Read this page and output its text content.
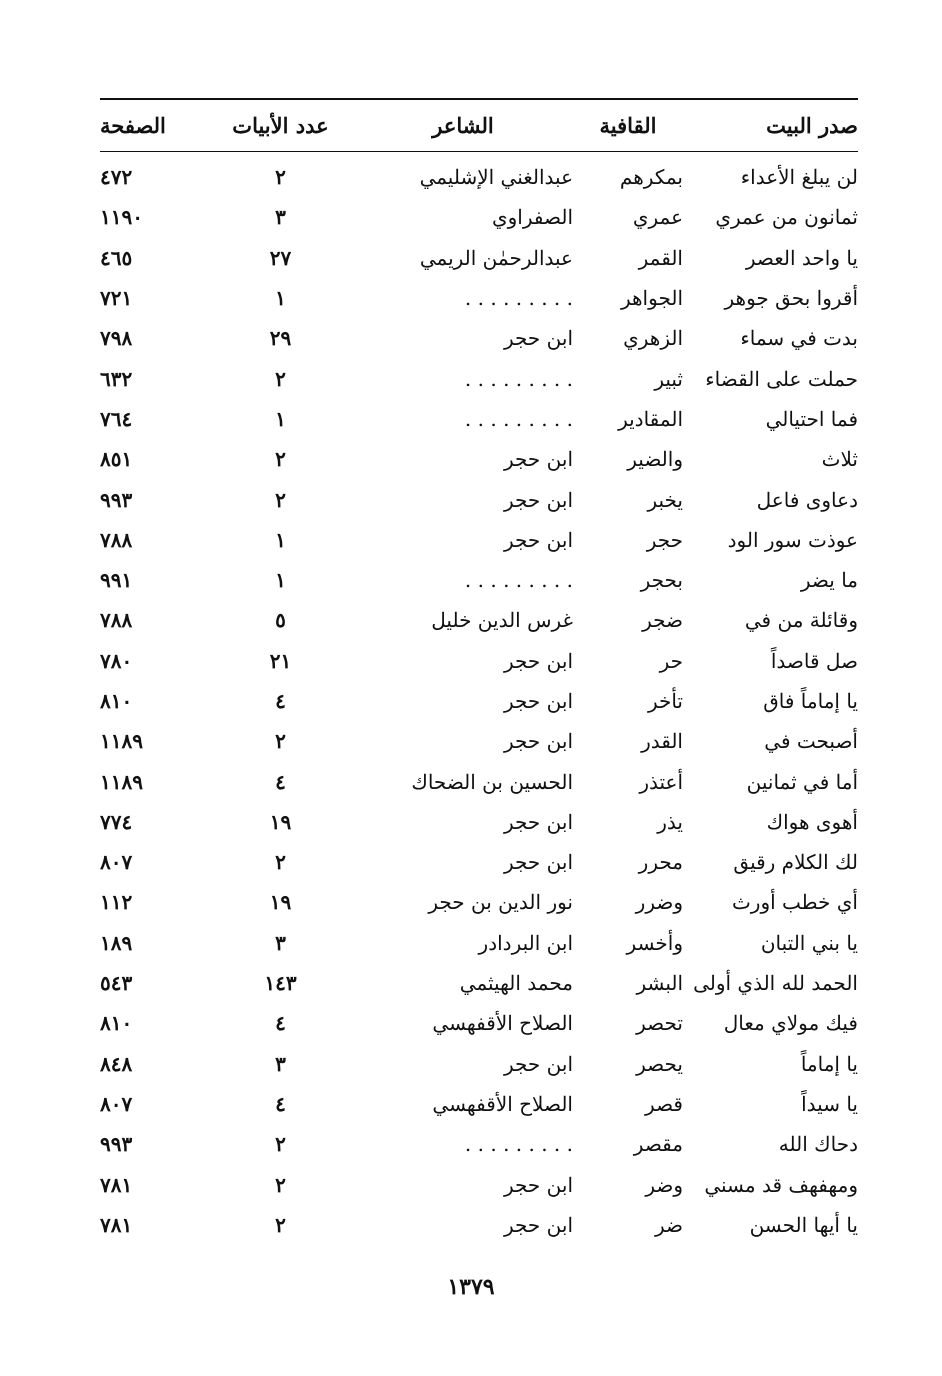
صدر البيت	القافية	الشاعر	عدد الأبيات	الصفحة
لن يبلغ الأعداء	بمكرهم	عبدالغني الإشليمي	٢	٤٧٢
ثمانون من عمري	عمري	الصفراوي	٣	١١٩٠
يا واحد العصر	القمر	عبدالرحمٰن الريمي	٢٧	٤٦٥
أقروا بحق جوهر	الجواهر	. . . . . . . . .	١	٧٢١
بدت في سماء	الزهري	ابن حجر	٢٩	٧٩٨
حملت على القضاء	ثبير	. . . . . . . . .	٢	٦٣٢
فما احتيالي	المقادير	. . . . . . . . .	١	٧٦٤
ثلاث	والضير	ابن حجر	٢	٨٥١
دعاوى فاعل	يخبر	ابن حجر	٢	٩٩٣
عوذت سور الود	حجر	ابن حجر	١	٧٨٨
ما يضر	بحجر	. . . . . . . . .	١	٩٩١
وقائلة من في	ضجر	غرس الدين خليل	٥	٧٨٨
صل قاصداً	حر	ابن حجر	٢١	٧٨٠
يا إماماً فاق	تأخر	ابن حجر	٤	٨١٠
أصبحت في	القدر	ابن حجر	٢	١١٨٩
أما في ثمانين	أعتذر	الحسين بن الضحاك	٤	١١٨٩
أهوى هواك	يذر	ابن حجر	١٩	٧٧٤
لك الكلام رقيق	محرر	ابن حجر	٢	٨٠٧
أي خطب أورث	وضرر	نور الدين بن حجر	١٩	١١٢
يا بني التبان	وأخسر	ابن البردادر	٣	١٨٩
الحمد لله الذي أولى	البشر	محمد الهيثمي	١٤٣	٥٤٣
فيك مولاي معال	تحصر	الصلاح الأقفهسي	٤	٨١٠
يا إماماً	يحصر	ابن حجر	٣	٨٤٨
يا سيداً	قصر	الصلاح الأقفهسي	٤	٨٠٧
دحاك الله	مقصر	. . . . . . . . .	٢	٩٩٣
ومهفهف قد مسني	وضر	ابن حجر	٢	٧٨١
يا أيها الحسن	ضر	ابن حجر	٢	٧٨١
١٣٧٩
